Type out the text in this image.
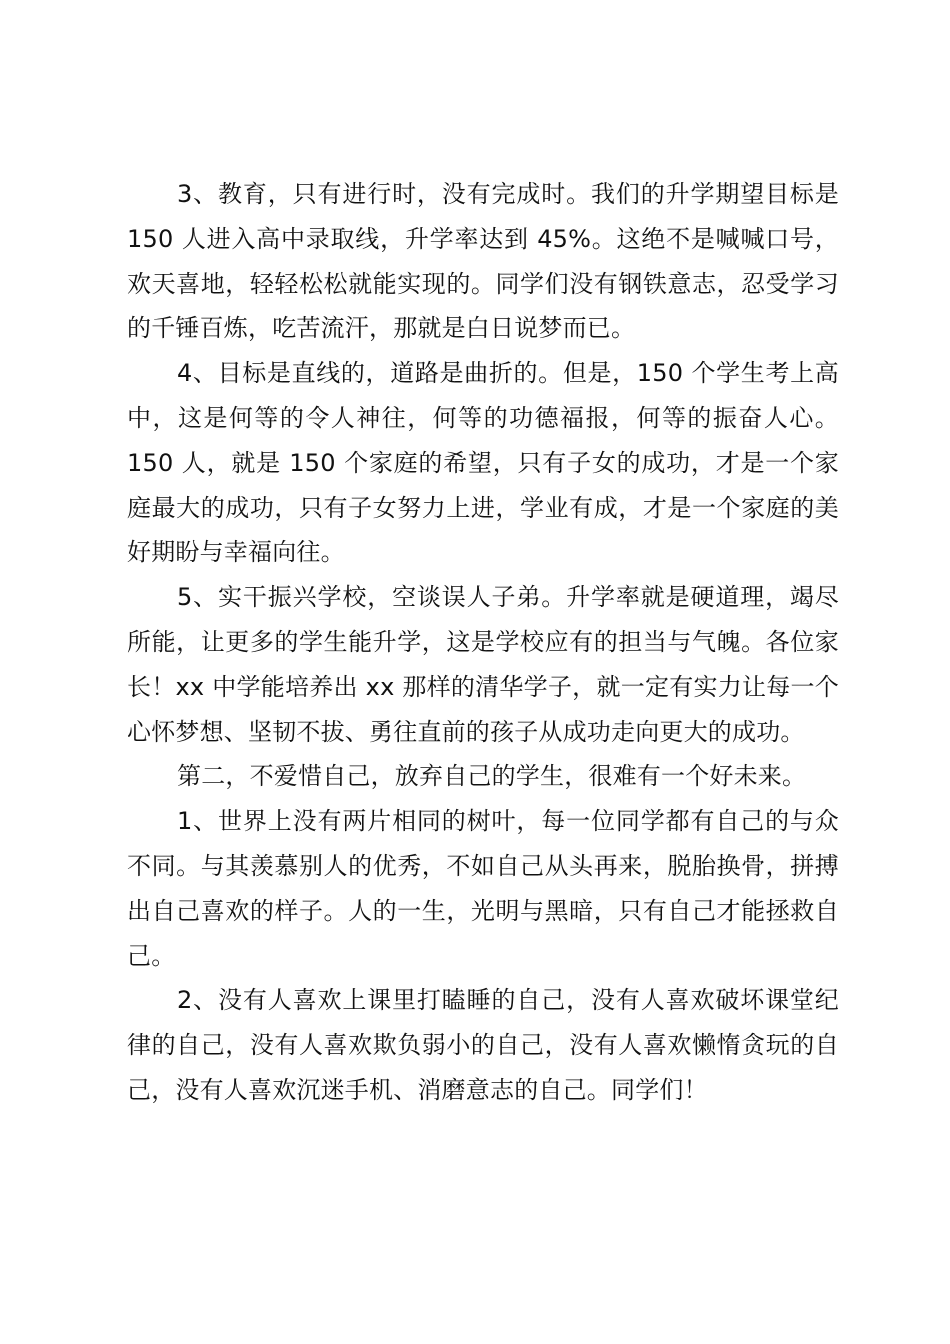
3、教育，只有进行时，没有完成时。我们的升学期望目标是 150 人进入高中录取线，升学率达到 45%。这绝不是喊喊口号，欢天喜地，轻轻松松就能实现的。同学们没有钢铁意志，忍受学习的千锤百炼，吃苦流汗，那就是白日说梦而已。

4、目标是直线的，道路是曲折的。但是，150 个学生考上高中，这是何等的令人神往，何等的功德福报，何等的振奋人心。150 人，就是 150 个家庭的希望，只有子女的成功，才是一个家庭最大的成功，只有子女努力上进，学业有成，才是一个家庭的美好期盼与幸福向往。

5、实干振兴学校，空谈误人子弟。升学率就是硬道理，竭尽所能，让更多的学生能升学，这是学校应有的担当与气魄。各位家长！xx 中学能培养出 xx 那样的清华学子，就一定有实力让每一个心怀梦想、坚韧不拔、勇往直前的孩子从成功走向更大的成功。

第二，不爱惜自己，放弃自己的学生，很难有一个好未来。

1、世界上没有两片相同的树叶，每一位同学都有自己的与众不同。与其羡慕别人的优秀，不如自己从头再来，脱胎换骨，拼搏出自己喜欢的样子。人的一生，光明与黑暗，只有自己才能拯救自己。

2、没有人喜欢上课里打瞌睡的自己，没有人喜欢破坏课堂纪律的自己，没有人喜欢欺负弱小的自己，没有人喜欢懒惰贪玩的自己，没有人喜欢沉迷手机、消磨意志的自己。同学们！
